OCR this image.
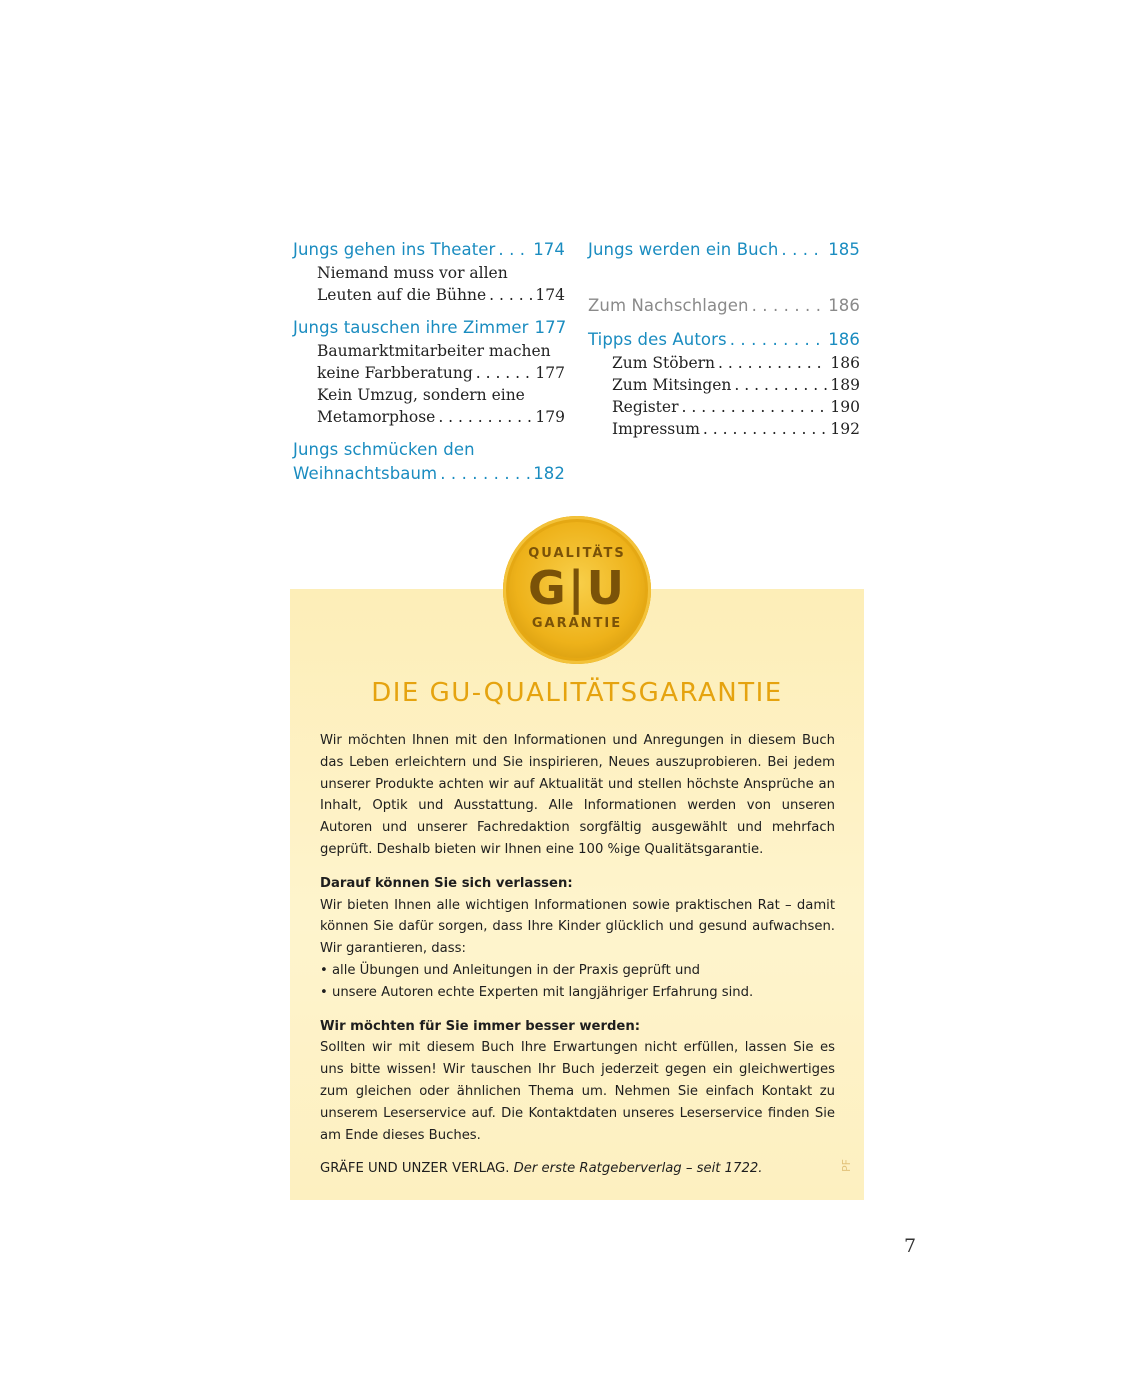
Jungs gehen ins Theater . . . 174
Niemand muss vor allen
Leuten auf die Bühne . . .	174
Jungs tauschen ihre Zimmer 177
Baumarktmitarbeiter machen
keine Farbberatung . . .	177
Kein Umzug, sondern eine
Metamorphose . . .	179
Jungs schmücken den
Weihnachtsbaum . . .	182
Jungs werden ein Buch . . .	185
Zum Nachschlagen . . .	186
Tipps des Autors . . .	186
Zum Stöbern . . .	186
Zum Mitsingen . . .	189
Register . . .	190
Impressum . . .	192
QUALITÄTS
G|U
GARANTIE
DIE GU-QUALITÄTSGARANTIE

Wir möchten Ihnen mit den Informationen und Anregungen in diesem Buch das Leben erleichtern und Sie inspirieren, Neues auszuprobieren. Bei jedem unserer Produkte achten wir auf Aktualität und stellen höchste Ansprüche an Inhalt, Optik und Ausstattung. Alle Informationen werden von unseren Autoren und unserer Fachredaktion sorgfältig ausgewählt und mehrfach geprüft. Deshalb bieten wir Ihnen eine 100 %ige Qualitätsgarantie.

Darauf können Sie sich verlassen:

Wir bieten Ihnen alle wichtigen Informationen sowie praktischen Rat – damit können Sie dafür sorgen, dass Ihre Kinder glücklich und gesund aufwachsen. Wir garantieren, dass:

• alle Übungen und Anleitungen in der Praxis geprüft und

• unsere Autoren echte Experten mit langjähriger Erfahrung sind.

Wir möchten für Sie immer besser werden:

Sollten wir mit diesem Buch Ihre Erwartungen nicht erfüllen, lassen Sie es uns bitte wissen! Wir tauschen Ihr Buch jederzeit gegen ein gleichwertiges zum gleichen oder ähnlichen Thema um. Nehmen Sie einfach Kontakt zu unserem Leserservice auf. Die Kontaktdaten unseres Leserservice finden Sie am Ende dieses Buches.

GRÄFE UND UNZER VERLAG. Der erste Ratgeberverlag – seit 1722.	PF
7
